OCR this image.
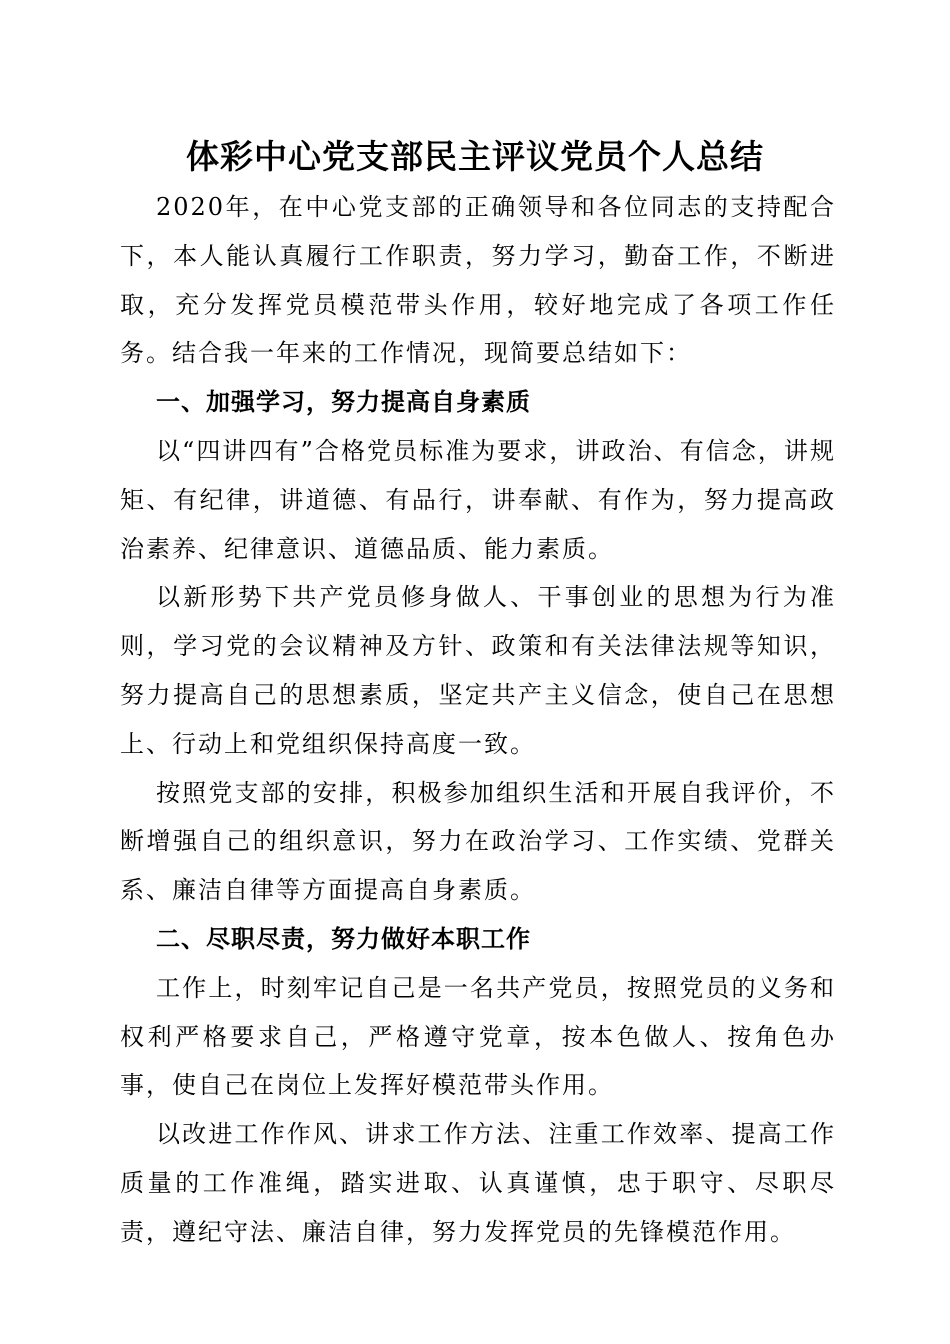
体彩中心党支部民主评议党员个人总结

2020年，在中心党支部的正确领导和各位同志的支持配合下，本人能认真履行工作职责，努力学习，勤奋工作，不断进取，充分发挥党员模范带头作用，较好地完成了各项工作任务。结合我一年来的工作情况，现简要总结如下：

一、加强学习，努力提高自身素质

以“四讲四有”合格党员标准为要求，讲政治、有信念，讲规矩、有纪律，讲道德、有品行，讲奉献、有作为，努力提高政治素养、纪律意识、道德品质、能力素质。

以新形势下共产党员修身做人、干事创业的思想为行为准则，学习党的会议精神及方针、政策和有关法律法规等知识，努力提高自己的思想素质，坚定共产主义信念，使自己在思想上、行动上和党组织保持高度一致。

按照党支部的安排，积极参加组织生活和开展自我评价，不断增强自己的组织意识，努力在政治学习、工作实绩、党群关系、廉洁自律等方面提高自身素质。

二、尽职尽责，努力做好本职工作

工作上，时刻牢记自己是一名共产党员，按照党员的义务和权利严格要求自己，严格遵守党章，按本色做人、按角色办事，使自己在岗位上发挥好模范带头作用。

以改进工作作风、讲求工作方法、注重工作效率、提高工作质量的工作准绳，踏实进取、认真谨慎，忠于职守、尽职尽责，遵纪守法、廉洁自律，努力发挥党员的先锋模范作用。
